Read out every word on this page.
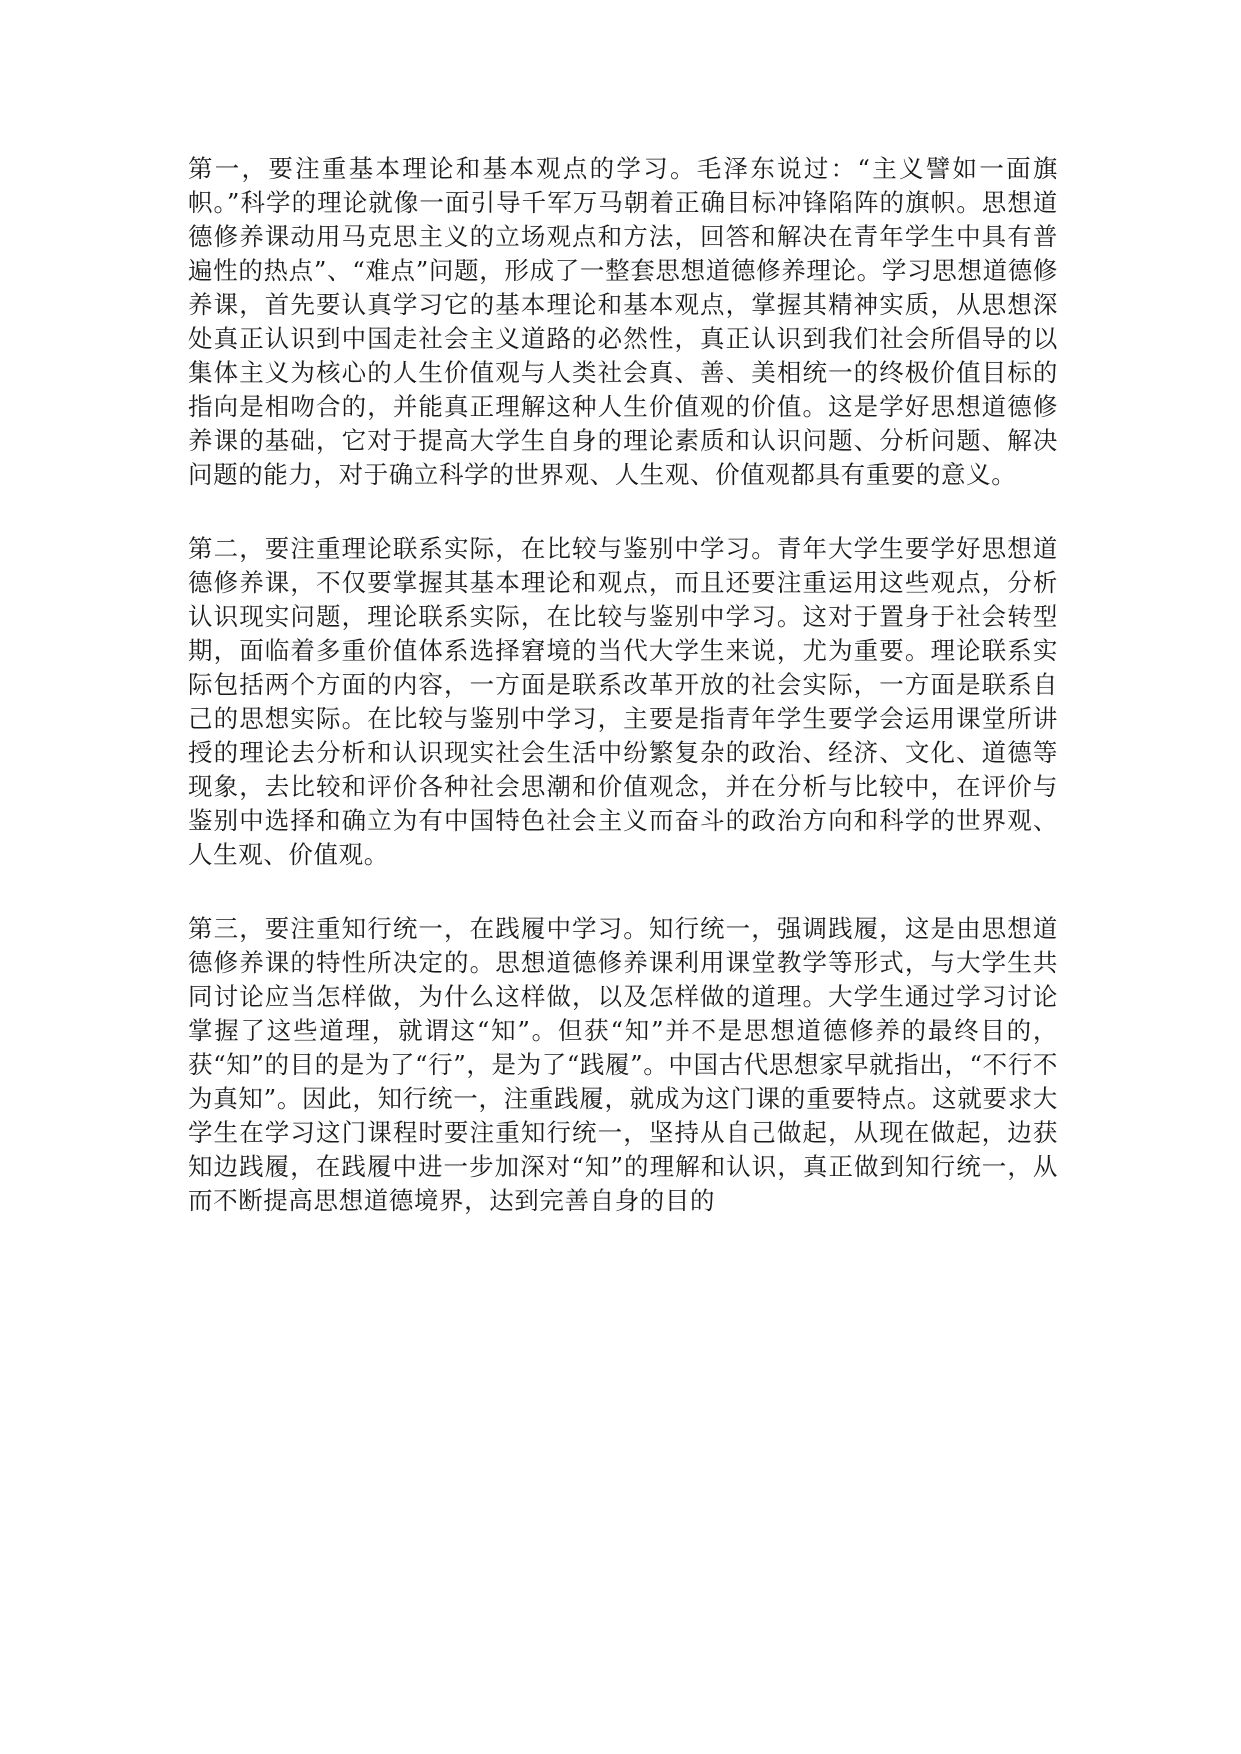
第一，要注重基本理论和基本观点的学习。毛泽东说过：“主义譬如一面旗帜。”科学的理论就像一面引导千军万马朝着正确目标冲锋陷阵的旗帜。思想道德修养课动用马克思主义的立场观点和方法，回答和解决在青年学生中具有普遍性的热点”、“难点”问题，形成了一整套思想道德修养理论。学习思想道德修养课，首先要认真学习它的基本理论和基本观点，掌握其精神实质，从思想深处真正认识到中国走社会主义道路的必然性，真正认识到我们社会所倡导的以集体主义为核心的人生价值观与人类社会真、善、美相统一的终极价值目标的指向是相吻合的，并能真正理解这种人生价值观的价值。这是学好思想道德修养课的基础，它对于提高大学生自身的理论素质和认识问题、分析问题、解决问题的能力，对于确立科学的世界观、人生观、价值观都具有重要的意义。

第二，要注重理论联系实际，在比较与鉴别中学习。青年大学生要学好思想道德修养课，不仅要掌握其基本理论和观点，而且还要注重运用这些观点，分析认识现实问题，理论联系实际，在比较与鉴别中学习。这对于置身于社会转型期，面临着多重价值体系选择窘境的当代大学生来说，尤为重要。理论联系实际包括两个方面的内容，一方面是联系改革开放的社会实际，一方面是联系自己的思想实际。在比较与鉴别中学习，主要是指青年学生要学会运用课堂所讲授的理论去分析和认识现实社会生活中纷繁复杂的政治、经济、文化、道德等现象，去比较和评价各种社会思潮和价值观念，并在分析与比较中，在评价与鉴别中选择和确立为有中国特色社会主义而奋斗的政治方向和科学的世界观、人生观、价值观。

第三，要注重知行统一，在践履中学习。知行统一，强调践履，这是由思想道德修养课的特性所决定的。思想道德修养课利用课堂教学等形式，与大学生共同讨论应当怎样做，为什么这样做，以及怎样做的道理。大学生通过学习讨论掌握了这些道理，就谓这“知”。但获“知”并不是思想道德修养的最终目的，获“知”的目的是为了“行”，是为了“践履”。中国古代思想家早就指出，“不行不为真知”。因此，知行统一，注重践履，就成为这门课的重要特点。这就要求大学生在学习这门课程时要注重知行统一，坚持从自己做起，从现在做起，边获知边践履，在践履中进一步加深对“知”的理解和认识，真正做到知行统一，从而不断提高思想道德境界，达到完善自身的目的
